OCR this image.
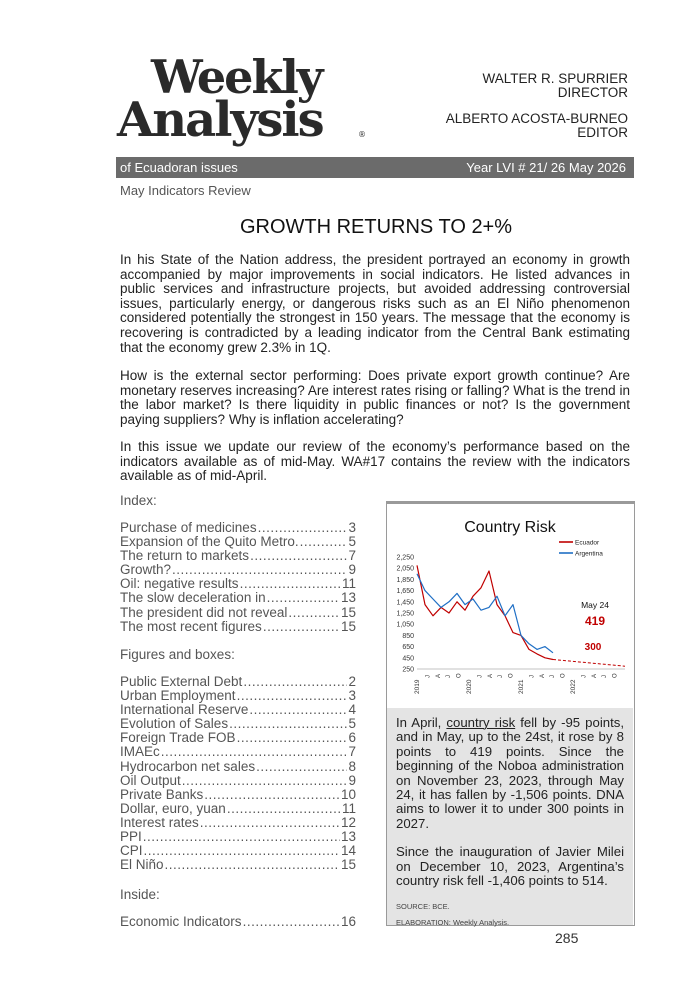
Weekly
Analysis	®
WALTER R. SPURRIER
DIRECTOR
ALBERTO ACOSTA-BURNEO
EDITOR
of Ecuadoran issues	Year LVI # 21/ 26 May 2026
May Indicators Review
GROWTH RETURNS TO 2+%

In his State of the Nation address, the president portrayed an economy in growth accompanied by major improvements in social indicators. He listed advances in public services and infrastructure projects, but avoided addressing controversial issues, particularly energy, or dangerous risks such as an El Niño phenomenon considered potentially the strongest in 150 years. The message that the economy is recovering is contradicted by a leading indicator from the Central Bank estimating that the economy grew 2.3% in 1Q.

How is the external sector performing: Does private export growth continue? Are monetary reserves increasing? Are interest rates rising or falling? What is the trend in the labor market? Is there liquidity in public finances or not? Is the government paying suppliers? Why is inflation accelerating?

In this issue we update our review of the economy’s performance based on the indicators available as of mid-May. WA#17 contains the review with the indicators available as of mid-April.

Index:
Purchase of medicines .....	3
Expansion of the Quito Metro. .....	5
The return to markets .....	7
Growth? .....	9
Oil: negative results .....	11
The slow deceleration in .....	13
The president did not reveal .....	15
The most recent figures .....	15
Figures and boxes:
Public External Debt .....	2
Urban Employment .....	3
International Reserve .....	4
Evolution of Sales .....	5
Foreign Trade FOB .....	6
IMAEc .....	7
Hydrocarbon net sales .....	8
Oil Output .....	9
Private Banks .....	10
Dollar, euro, yuan .....	11
Interest rates .....	12
PPI .....	13
CPI .....	14
El Niño .....	15
Inside:
Economic Indicators .....	16
Country Risk
2,250
2,050
1,850
1,650
1,450
1,250
1,050
850
650
450
250
2019
J A J O
2020
J A J O
2021
J A J O
2022
J A J O
Ecuador
Argentina
May 24
419
300

In April, country risk fell by -95 points, and in May, up to the 24st, it rose by 8 points to 419 points. Since the beginning of the Noboa administration on November 23, 2023, through May 24, it has fallen by -1,506 points. DNA aims to lower it to under 300 points in 2027.

Since the inauguration of Javier Milei on December 10, 2023, Argentina’s country risk fell -1,406 points to 514.

SOURCE: BCE.

ELABORATION: Weekly Analysis.

285
